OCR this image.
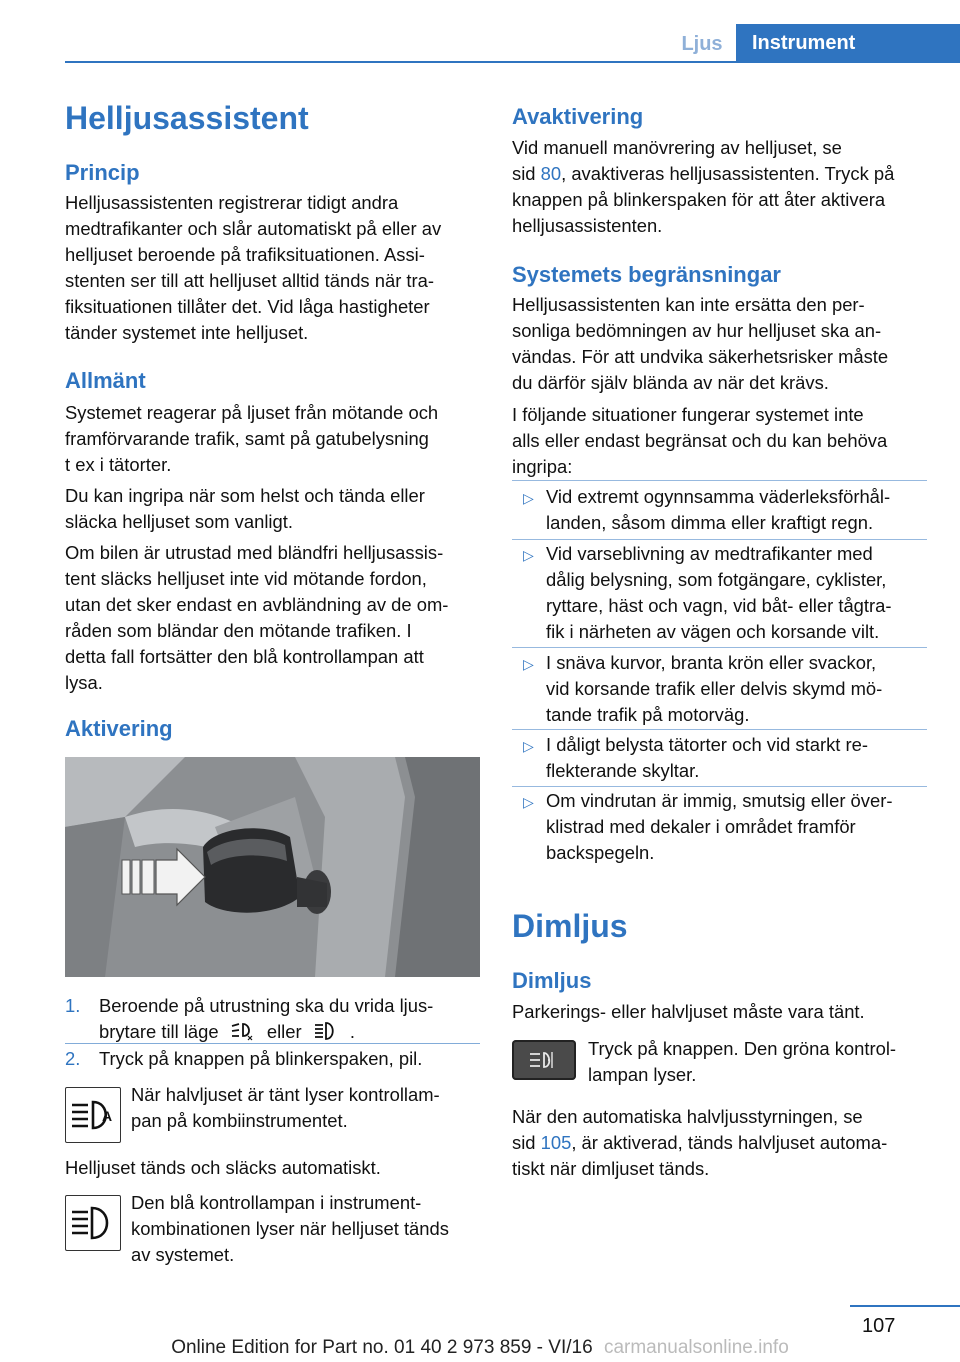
Ljus	Instrument
Helljusassistent
Princip
Helljusassistenten registrerar tidigt andra
medtrafikanter och slår automatiskt på eller av
helljuset beroende på trafiksituationen. Assi‐
stenten ser till att helljuset alltid tänds när tra‐
fiksituationen tillåter det. Vid låga hastigheter
tänder systemet inte helljuset.
Allmänt
Systemet reagerar på ljuset från mötande och
framförvarande trafik, samt på gatubelysning
t ex i tätorter.
Du kan ingripa när som helst och tända eller
släcka helljuset som vanligt.
Om bilen är utrustad med bländfri helljusassis‐
tent släcks helljuset inte vid mötande fordon,
utan det sker endast en avbländning av de om‐
råden som bländar den mötande trafiken. I
detta fall fortsätter den blå kontrollampan att
lysa.
Aktivering
1. Beroende på utrustning ska du vrida ljus‐
brytare till läge	eller	.
2. Tryck på knappen på blinkerspaken, pil.
A
När halvljuset är tänt lyser kontrollam‐
pan på kombiinstrumentet.
Helljuset tänds och släcks automatiskt.
Den blå kontrollampan i instrument‐
kombinationen lyser när helljuset tänds
av systemet.
Avaktivering
Vid manuell manövrering av helljuset, se
sid 80, avaktiveras helljusassistenten. Tryck på
knappen på blinkerspaken för att åter aktivera
helljusassistenten.
Systemets begränsningar
Helljusassistenten kan inte ersätta den per‐
sonliga bedömningen av hur helljuset ska an‐
vändas. För att undvika säkerhetsrisker måste
du därför själv blända av när det krävs.
I följande situationer fungerar systemet inte
alls eller endast begränsat och du kan behöva
ingripa:
▷ Vid extremt ogynnsamma väderleksförhål‐
landen, såsom dimma eller kraftigt regn.
▷ Vid varseblivning av medtrafikanter med
dålig belysning, som fotgängare, cyklister,
ryttare, häst och vagn, vid båt- eller tågtra‐
fik i närheten av vägen och korsande vilt.
▷ I snäva kurvor, branta krön eller svackor,
vid korsande trafik eller delvis skymd mö‐
tande trafik på motorväg.
▷ I dåligt belysta tätorter och vid starkt re‐
flekterande skyltar.
▷ Om vindrutan är immig, smutsig eller över‐
klistrad med dekaler i området framför
backspegeln.
Dimljus
Dimljus
Parkerings- eller halvljuset måste vara tänt.
Tryck på knappen. Den gröna kontrol‐
lampan lyser.
När den automatiska halvljusstyrningen, se
sid 105, är aktiverad, tänds halvljuset automa‐
tiskt när dimljuset tänds.
107
Online Edition for Part no. 01 40 2 973 859 - VI/16 carmanualsonline.info
